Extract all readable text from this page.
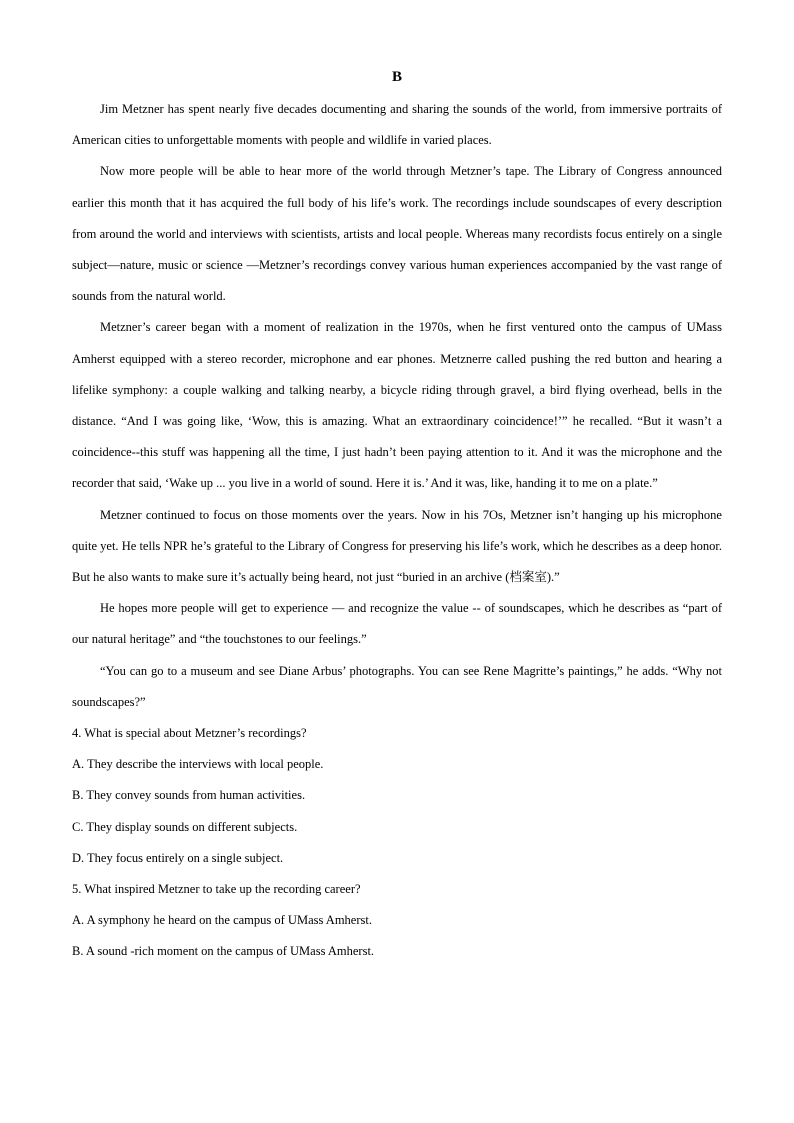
B

Jim Metzner has spent nearly five decades documenting and sharing the sounds of the world, from immersive portraits of American cities to unforgettable moments with people and wildlife in varied places.

Now more people will be able to hear more of the world through Metzner’s tape. The Library of Congress announced earlier this month that it has acquired the full body of his life’s work. The recordings include soundscapes of every description from around the world and interviews with scientists, artists and local people. Whereas many recordists focus entirely on a single subject—nature, music or science —Metzner’s recordings convey various human experiences accompanied by the vast range of sounds from the natural world.

Metzner’s career began with a moment of realization in the 1970s, when he first ventured onto the campus of UMass Amherst equipped with a stereo recorder, microphone and ear phones. Metznerre called pushing the red button and hearing a lifelike symphony: a couple walking and talking nearby, a bicycle riding through gravel, a bird flying overhead, bells in the distance. “And I was going like, ‘Wow, this is amazing. What an extraordinary coincidence!’” he recalled. “But it wasn’t a coincidence--this stuff was happening all the time, I just hadn’t been paying attention to it. And it was the microphone and the recorder that said, ‘Wake up ... you live in a world of sound. Here it is.’ And it was, like, handing it to me on a plate.”

Metzner continued to focus on those moments over the years. Now in his 7Os, Metzner isn’t hanging up his microphone quite yet. He tells NPR he’s grateful to the Library of Congress for preserving his life’s work, which he describes as a deep honor. But he also wants to make sure it’s actually being heard, not just “buried in an archive (档案室).”

He hopes more people will get to experience — and recognize the value -- of soundscapes, which he describes as “part of our natural heritage” and “the touchstones to our feelings.”

“You can go to a museum and see Diane Arbus’ photographs. You can see Rene Magritte’s paintings,” he adds. “Why not soundscapes?”

4. What is special about Metzner’s recordings?

A. They describe the interviews with local people.

B. They convey sounds from human activities.

C. They display sounds on different subjects.

D. They focus entirely on a single subject.

5. What inspired Metzner to take up the recording career?

A. A symphony he heard on the campus of UMass Amherst.

B. A sound -rich moment on the campus of UMass Amherst.
